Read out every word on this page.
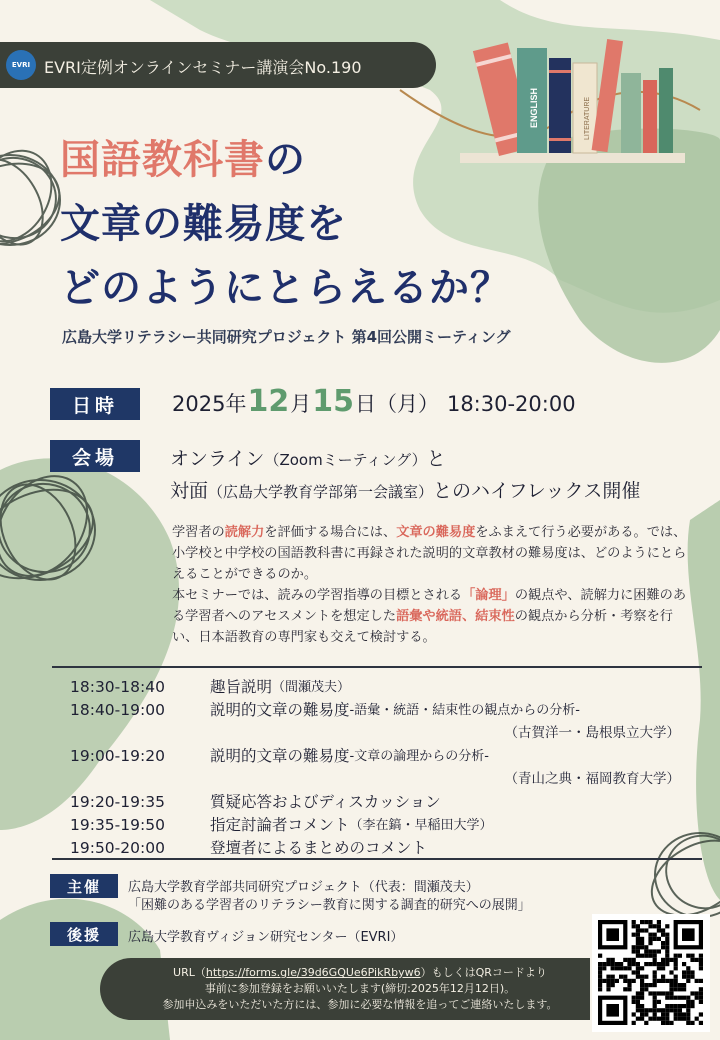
ENGLISH	LITERATURE
EVRI EVRI定例オンラインセミナー講演会No.190
国語教科書の
文章の難易度を
どのようにとらえるか？
広島大学リテラシー共同研究プロジェクト 第4回公開ミーティング
日時	2025年 12 月 15 日（月） 18:30-20:00
会場	オンライン（Zoomミーティング）と
対面（広島大学教育学部第一会議室）とのハイフレックス開催

学習者の読解力を評価する場合には、文章の難易度をふまえて行う必要がある。では、小学校と中学校の国語教科書に再録された説明的文章教材の難易度は、どのようにとらえることができるのか。

本セミナーでは、読みの学習指導の目標とされる「論理」の観点や、読解力に困難のある学習者へのアセスメントを想定した語彙や統語、結束性の観点から分析・考察を行い、日本語教育の専門家も交えて検討する。

18:30-18:40	趣旨説明 （間瀬茂夫）
18:40-19:00	説明的文章の難易度 -語彙・統語・結束性の観点からの分析-
（古賀洋一・島根県立大学）
19:00-19:20	説明的文章の難易度 -文章の論理からの分析-
（青山之典・福岡教育大学）
19:20-19:35	質疑応答およびディスカッション
19:35-19:50	指定討論者コメント （李在鎬・早稲田大学）
19:50-20:00	登壇者によるまとめのコメント
主催	広島大学教育学部共同研究プロジェクト（代表：間瀬茂夫）
「困難のある学習者のリテラシー教育に関する調査的研究への展開」
後援	広島大学教育ヴィジョン研究センター（EVRI）
URL（https://forms.gle/39d6GQUe6PikRbyw6）もしくはQRコードより
事前に参加登録をお願いいたします(締切:2025年12月12日)。
参加申込みをいただいた方には、参加に必要な情報を追ってご連絡いたします。
